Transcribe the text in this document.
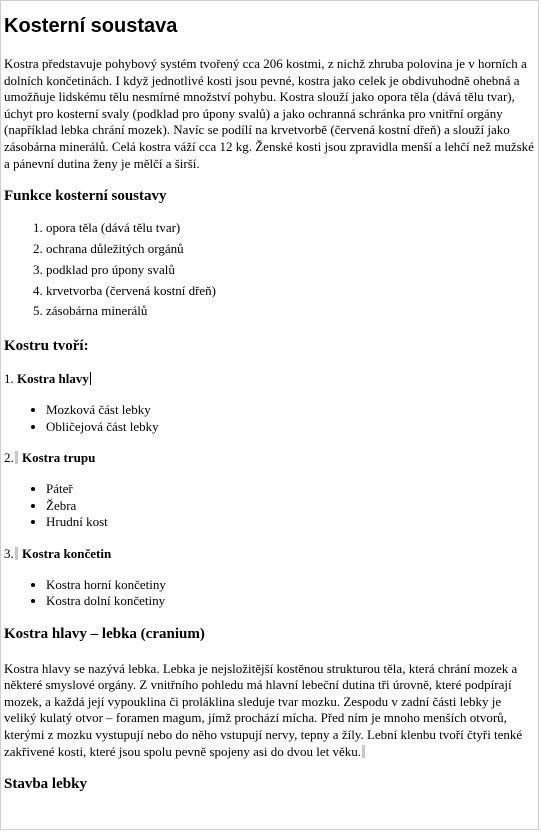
Kosterní soustava

Kostra představuje pohybový systém tvořený cca 206 kostmi, z nichž zhruba polovina je v horních a dolních končetinách. I když jednotlivé kosti jsou pevné, kostra jako celek je obdivuhodně ohebná a umožňuje lidskému tělu nesmírné množství pohybu. Kostra slouží jako opora těla (dává tělu tvar), úchyt pro kosterní svaly (podklad pro úpony svalů) a jako ochranná schránka pro vnitřní orgány (například lebka chrání mozek). Navíc se podílí na krvetvorbě (červená kostní dřeň) a slouží jako zásobárna minerálů. Celá kostra váží cca 12 kg. Ženské kosti jsou zpravidla menší a lehčí než mužské a pánevní dutina ženy je mělčí a širší.

Funkce kosterní soustavy
1. opora těla (dává tělu tvar)
2. ochrana důležitých orgánů
3. podklad pro úpony svalů
4. krvetvorba (červená kostní dřeň)
5. zásobárna minerálů
Kostru tvoří:
1. Kostra hlavy
• Mozková část lebky
• Obličejová část lebky
2. Kostra trupu
• Páteř
• Žebra
• Hrudní kost
3. Kostra končetin
• Kostra horní končetiny
• Kostra dolní končetiny
Kostra hlavy – lebka (cranium)

Kostra hlavy se nazývá lebka. Lebka je nejsložitější kostěnou strukturou těla, která chrání mozek a některé smyslové orgány. Z vnitřního pohledu má hlavní lebeční dutina tři úrovně, které podpírají mozek, a každá její vypouklina či proláklina sleduje tvar mozku. Zespodu v zadní části lebky je veliký kulatý otvor – foramen magum, jímž prochází mícha. Před ním je mnoho menších otvorů, kterými z mozku vystupují nebo do něho vstupují nervy, tepny a žíly. Lební klenbu tvoří čtyři tenké zakřivené kosti, které jsou spolu pevně spojeny asi do dvou let věku.

Stavba lebky
